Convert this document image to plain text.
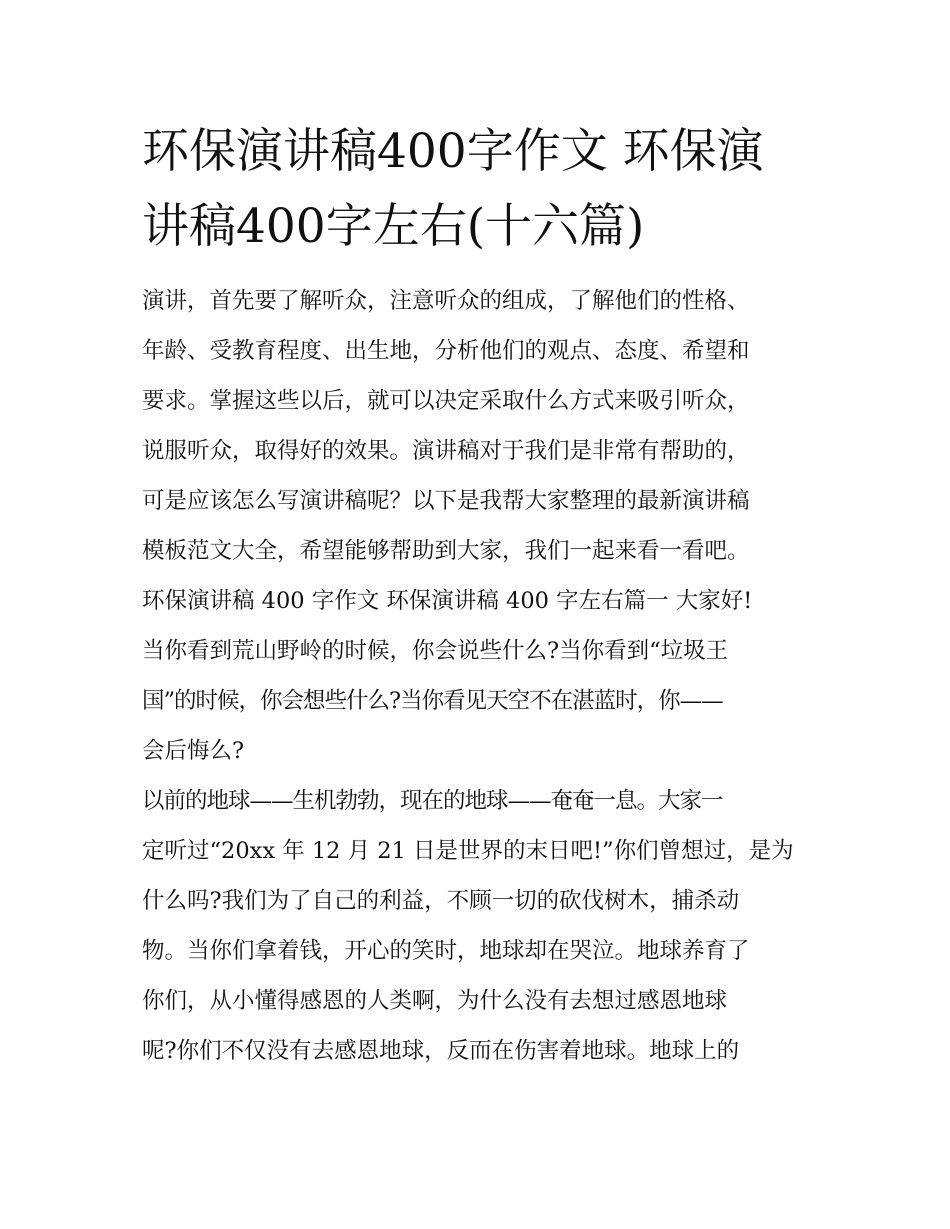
环保演讲稿400字作文 环保演
讲稿400字左右(十六篇)

演讲，首先要了解听众，注意听众的组成，了解他们的性格、
年龄、受教育程度、出生地，分析他们的观点、态度、希望和
要求。掌握这些以后，就可以决定采取什么方式来吸引听众，
说服听众，取得好的效果。演讲稿对于我们是非常有帮助的，
可是应该怎么写演讲稿呢？以下是我帮大家整理的最新演讲稿
模板范文大全，希望能够帮助到大家，我们一起来看一看吧。

环保演讲稿 400 字作文 环保演讲稿 400 字左右篇一 大家好!

当你看到荒山野岭的时候，你会说些什么?当你看到“垃圾王
国”的时候，你会想些什么?当你看见天空不在湛蓝时，你——
会后悔么?

以前的地球——生机勃勃，现在的地球——奄奄一息。大家一
定听过“20xx 年 12 月 21 日是世界的末日吧!”你们曾想过，是为
什么吗?我们为了自己的利益，不顾一切的砍伐树木，捕杀动
物。当你们拿着钱，开心的笑时，地球却在哭泣。地球养育了
你们，从小懂得感恩的人类啊，为什么没有去想过感恩地球
呢?你们不仅没有去感恩地球，反而在伤害着地球。地球上的
